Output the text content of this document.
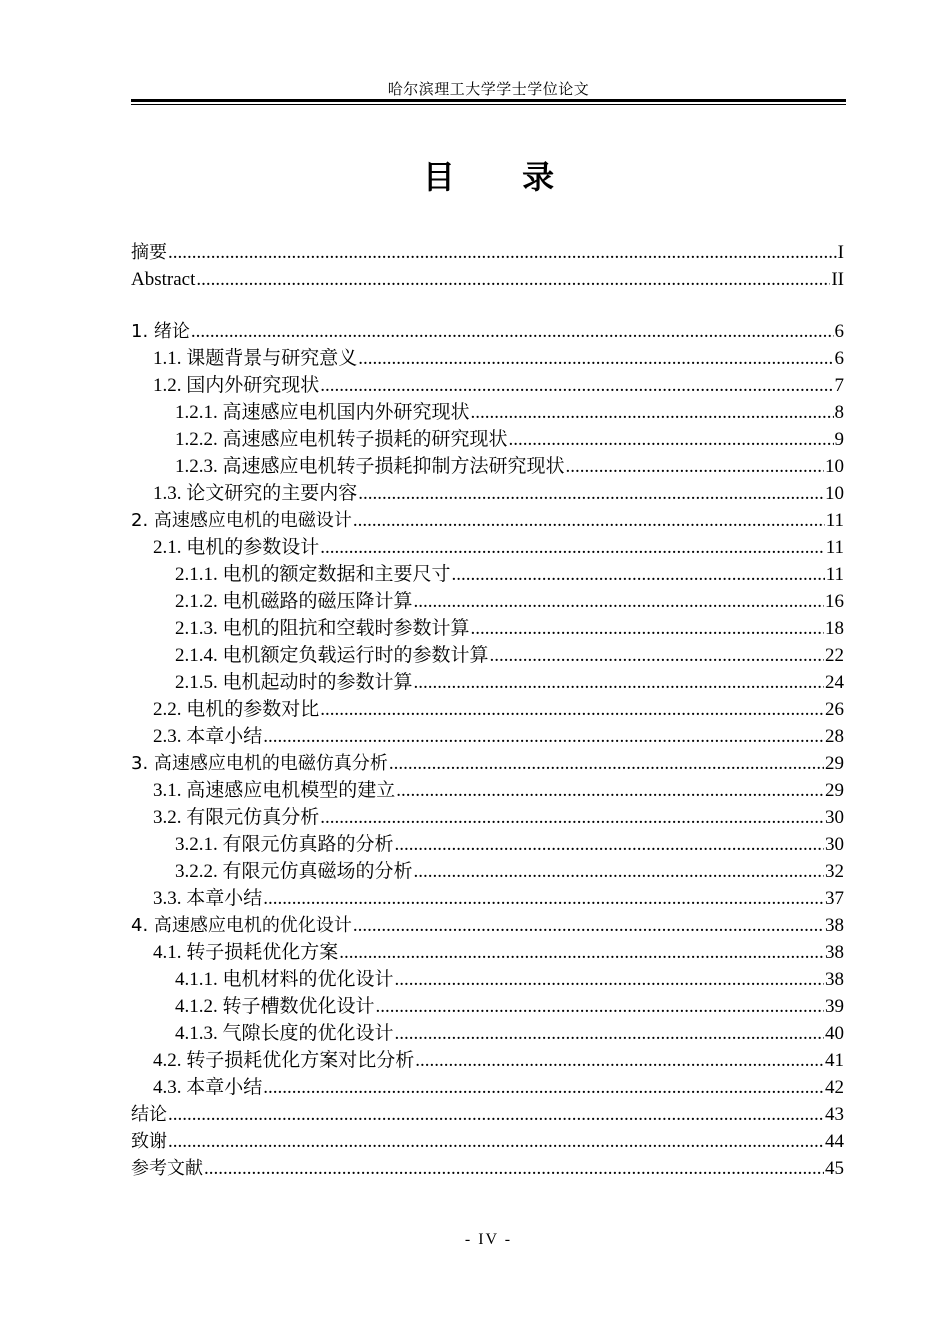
哈尔滨理工大学学士学位论文
目 录
摘要 .....	I
Abstract .....	II
1. 绪论 .....	6
1.1. 课题背景与研究意义 .....	6
1.2. 国内外研究现状 .....	7
1.2.1. 高速感应电机国内外研究现状 .....	8
1.2.2. 高速感应电机转子损耗的研究现状 .....	9
1.2.3. 高速感应电机转子损耗抑制方法研究现状 .....	10
1.3. 论文研究的主要内容 .....	10
2. 高速感应电机的电磁设计 .....	11
2.1. 电机的参数设计 .....	11
2.1.1. 电机的额定数据和主要尺寸 .....	11
2.1.2. 电机磁路的磁压降计算 .....	16
2.1.3. 电机的阻抗和空载时参数计算 .....	18
2.1.4. 电机额定负载运行时的参数计算 .....	22
2.1.5. 电机起动时的参数计算 .....	24
2.2. 电机的参数对比 .....	26
2.3. 本章小结 .....	28
3. 高速感应电机的电磁仿真分析 .....	29
3.1. 高速感应电机模型的建立 .....	29
3.2. 有限元仿真分析 .....	30
3.2.1. 有限元仿真路的分析 .....	30
3.2.2. 有限元仿真磁场的分析 .....	32
3.3. 本章小结 .....	37
4. 高速感应电机的优化设计 .....	38
4.1. 转子损耗优化方案 .....	38
4.1.1. 电机材料的优化设计 .....	38
4.1.2. 转子槽数优化设计 .....	39
4.1.3. 气隙长度的优化设计 .....	40
4.2. 转子损耗优化方案对比分析 .....	41
4.3. 本章小结 .....	42
结论 .....	43
致谢 .....	44
参考文献 .....	45
- IV -
